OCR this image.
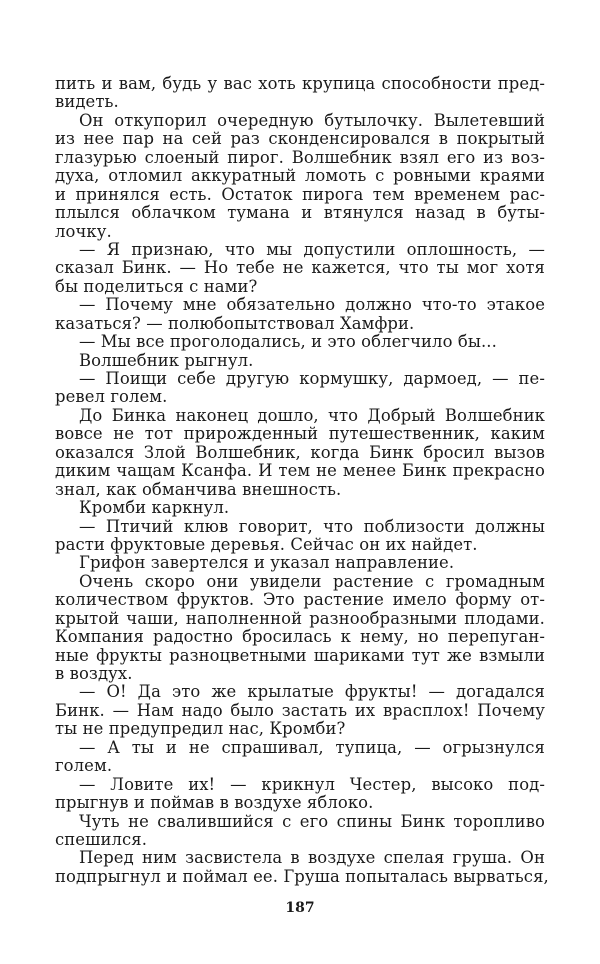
пить и вам, будь у вас хоть крупица способности пред-
видеть.
Он откупорил очередную бутылочку. Вылетевший
из нее пар на сей раз сконденсировался в покрытый
глазурью слоеный пирог. Волшебник взял его из воз-
духа, отломил аккуратный ломоть с ровными краями
и принялся есть. Остаток пирога тем временем рас-
плылся облачком тумана и втянулся назад в буты-
лочку.
— Я признаю, что мы допустили оплошность, —
сказал Бинк. — Но тебе не кажется, что ты мог хотя
бы поделиться с нами?
— Почему мне обязательно должно что-то этакое
казаться? — полюбопытствовал Хамфри.
— Мы все проголодались, и это облегчило бы...
Волшебник рыгнул.
— Поищи себе другую кормушку, дармоед, — пе-
ревел голем.
До Бинка наконец дошло, что Добрый Волшебник
вовсе не тот прирожденный путешественник, каким
оказался Злой Волшебник, когда Бинк бросил вызов
диким чащам Ксанфа. И тем не менее Бинк прекрасно
знал, как обманчива внешность.
Кромби каркнул.
— Птичий клюв говорит, что поблизости должны
расти фруктовые деревья. Сейчас он их найдет.
Грифон завертелся и указал направление.
Очень скоро они увидели растение с громадным
количеством фруктов. Это растение имело форму от-
крытой чаши, наполненной разнообразными плодами.
Компания радостно бросилась к нему, но перепуган-
ные фрукты разноцветными шариками тут же взмыли
в воздух.
— О! Да это же крылатые фрукты! — догадался
Бинк. — Нам надо было застать их врасплох! Почему
ты не предупредил нас, Кромби?
— А ты и не спрашивал, тупица, — огрызнулся
голем.
— Ловите их! — крикнул Честер, высоко под-
прыгнув и поймав в воздухе яблоко.
Чуть не свалившийся с его спины Бинк торопливо
спешился.
Перед ним засвистела в воздухе спелая груша. Он
подпрыгнул и поймал ее. Груша попыталась вырваться,
187
